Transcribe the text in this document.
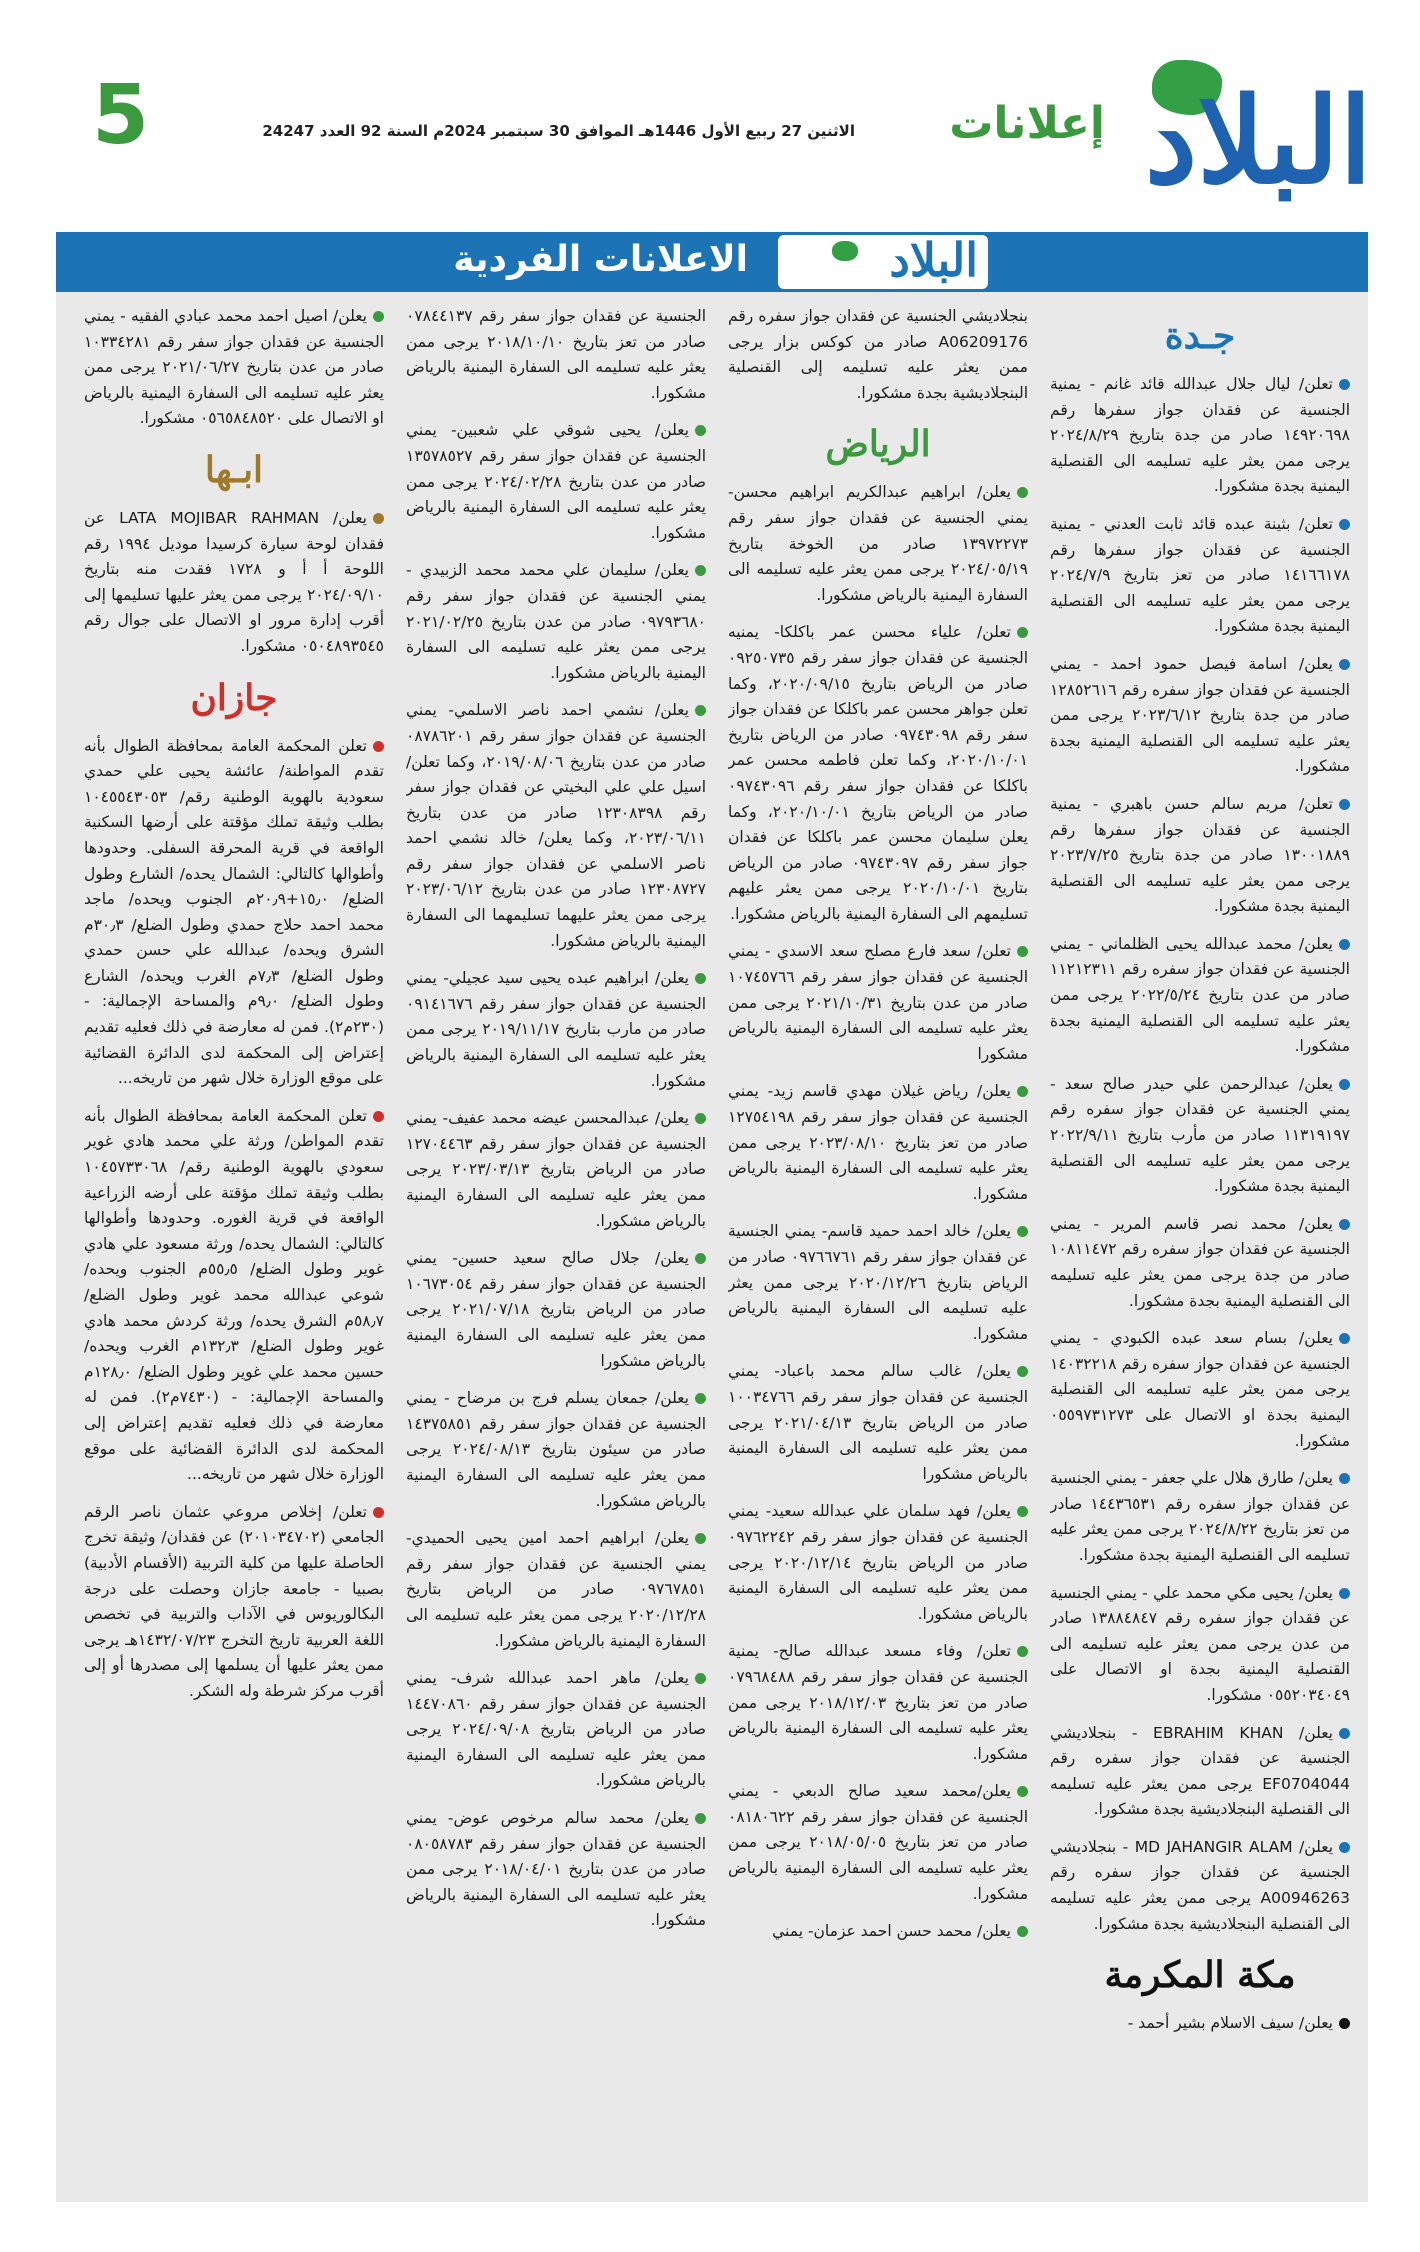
البلاد
إعلانات
الاثنين 27 ربيع الأول 1446هـ الموافق 30 سبتمبر 2024م السنة 92 العدد 24247
5
البلاد
الاعلانات الفردية
جـدة

تعلن/ ليال جلال عبدالله قائد غانم - يمنية الجنسية عن فقدان جواز سفرها رقم ١٤٩٢٠٦٩٨ صادر من جدة بتاريخ ٢٠٢٤/٨/٢٩ يرجى ممن يعثر عليه تسليمه الى القنصلية اليمنية بجدة مشكورا.

تعلن/ بثينة عبده قائد ثابت العدني - يمنية الجنسية عن فقدان جواز سفرها رقم ١٤١٦٦١٧٨ صادر من تعز بتاريخ ٢٠٢٤/٧/٩ يرجى ممن يعثر عليه تسليمه الى القنصلية اليمنية بجدة مشكورا.

يعلن/ اسامة فيصل حمود احمد - يمني الجنسية عن فقدان جواز سفره رقم ١٢٨٥٢٦١٦ صادر من جدة بتاريخ ٢٠٢٣/٦/١٢ يرجى ممن يعثر عليه تسليمه الى القنصلية اليمنية بجدة مشكورا.

تعلن/ مريم سالم حسن باهبري - يمنية الجنسية عن فقدان جواز سفرها رقم ١٣٠٠١٨٨٩ صادر من جدة بتاريخ ٢٠٢٣/٧/٢٥ يرجى ممن يعثر عليه تسليمه الى القنصلية اليمنية بجدة مشكورا.

يعلن/ محمد عبدالله يحيى الظلماني - يمني الجنسية عن فقدان جواز سفره رقم ١١٢١٢٣١١ صادر من عدن بتاريخ ٢٠٢٢/٥/٢٤ يرجى ممن يعثر عليه تسليمه الى القنصلية اليمنية بجدة مشكورا.

يعلن/ عبدالرحمن علي حيدر صالح سعد - يمني الجنسية عن فقدان جواز سفره رقم ١١٣١٩١٩٧ صادر من مأرب بتاريخ ٢٠٢٢/٩/١١ يرجى ممن يعثر عليه تسليمه الى القنصلية اليمنية بجدة مشكورا.

يعلن/ محمد نصر قاسم المرير - يمني الجنسية عن فقدان جواز سفره رقم ١٠٨١١٤٧٢ صادر من جدة يرجى ممن يعثر عليه تسليمه الى القنصلية اليمنية بجدة مشكورا.

يعلن/ بسام سعد عبده الكبودي - يمني الجنسية عن فقدان جواز سفره رقم ١٤٠٣٢٢١٨ يرجى ممن يعثر عليه تسليمه الى القنصلية اليمنية بجدة او الاتصال على ٠٥٥٩٧٣١٢٧٣ مشكورا.

يعلن/ طارق هلال علي جعفر - يمني الجنسية عن فقدان جواز سفره رقم ١٤٤٣٦٥٣١ صادر من تعز بتاريخ ٢٠٢٤/٨/٢٢ يرجى ممن يعثر عليه تسليمه الى القنصلية اليمنية بجدة مشكورا.

يعلن/ يحيى مكي محمد علي - يمني الجنسية عن فقدان جواز سفره رقم ١٣٨٨٤٨٤٧ صادر من عدن يرجى ممن يعثر عليه تسليمه الى القنصلية اليمنية بجدة او الاتصال على ٠٥٥٢٠٣٤٠٤٩ مشكورا.

يعلن/ EBRAHIM KHAN - بنجلاديشي الجنسية عن فقدان جواز سفره رقم EF0704044 يرجى ممن يعثر عليه تسليمه الى القنصلية البنجلاديشية بجدة مشكورا.

يعلن/ MD JAHANGIR ALAM - بنجلاديشي الجنسية عن فقدان جواز سفره رقم A00946263 يرجى ممن يعثر عليه تسليمه الى القنصلية البنجلاديشية بجدة مشكورا.

مكة المكرمة

يعلن/ سيف الاسلام بشير أحمد -

بنجلاديشي الجنسية عن فقدان جواز سفره رقم A06209176 صادر من كوكس بزار يرجى ممن يعثر عليه تسليمه إلى القنصلية البنجلاديشية بجدة مشكورا.

الرياض

يعلن/ ابراهيم عبدالكريم ابراهيم محسن- يمني الجنسية عن فقدان جواز سفر رقم ١٣٩٧٢٢٧٣ صادر من الخوخة بتاريخ ٢٠٢٤/٠٥/١٩ يرجى ممن يعثر عليه تسليمه الى السفارة اليمنية بالرياض مشكورا.

تعلن/ علياء محسن عمر باكلكا- يمنيه الجنسية عن فقدان جواز سفر رقم ٠٩٢٥٠٧٣٥ صادر من الرياض بتاريخ ٢٠٢٠/٠٩/١٥، وكما تعلن جواهر محسن عمر باكلكا عن فقدان جواز سفر رقم ٠٩٧٤٣٠٩٨ صادر من الرياض بتاريخ ٢٠٢٠/١٠/٠١، وكما تعلن فاطمه محسن عمر باكلكا عن فقدان جواز سفر رقم ٠٩٧٤٣٠٩٦ صادر من الرياض بتاريخ ٢٠٢٠/١٠/٠١، وكما يعلن سليمان محسن عمر باكلكا عن فقدان جواز سفر رقم ٠٩٧٤٣٠٩٧ صادر من الرياض بتاريخ ٢٠٢٠/١٠/٠١ يرجى ممن يعثر عليهم تسليمهم الى السفارة اليمنية بالرياض مشكورا.

تعلن/ سعد فارع مصلح سعد الاسدي - يمني الجنسية عن فقدان جواز سفر رقم ١٠٧٤٥٧٦٦ صادر من عدن بتاريخ ٢٠٢١/١٠/٣١ يرجى ممن يعثر عليه تسليمه الى السفارة اليمنية بالرياض مشكورا

يعلن/ رياض غيلان مهدي قاسم زيد- يمني الجنسية عن فقدان جواز سفر رقم ١٢٧٥٤١٩٨ صادر من تعز بتاريخ ٢٠٢٣/٠٨/١٠ يرجى ممن يعثر عليه تسليمه الى السفارة اليمنية بالرياض مشكورا.

يعلن/ خالد احمد حميد قاسم- يمني الجنسية عن فقدان جواز سفر رقم ٠٩٧٦٦٧٦١ صادر من الرياض بتاريخ ٢٠٢٠/١٢/٢٦ يرجى ممن يعثر عليه تسليمه الى السفارة اليمنية بالرياض مشكورا.

يعلن/ غالب سالم محمد باعباد- يمني الجنسية عن فقدان جواز سفر رقم ١٠٠٣٤٧٦٦ صادر من الرياض بتاريخ ٢٠٢١/٠٤/١٣ يرجى ممن يعثر عليه تسليمه الى السفارة اليمنية بالرياض مشكورا

يعلن/ فهد سلمان علي عبدالله سعيد- يمني الجنسية عن فقدان جواز سفر رقم ٠٩٧٦٢٢٤٢ صادر من الرياض بتاريخ ٢٠٢٠/١٢/١٤ يرجى ممن يعثر عليه تسليمه الى السفارة اليمنية بالرياض مشكورا.

تعلن/ وفاء مسعد عبدالله صالح- يمنية الجنسية عن فقدان جواز سفر رقم ٠٧٩٦٨٤٨٨ صادر من تعز بتاريخ ٢٠١٨/١٢/٠٣ يرجى ممن يعثر عليه تسليمه الى السفارة اليمنية بالرياض مشكورا.

يعلن/محمد سعيد صالح الدبعي - يمني الجنسية عن فقدان جواز سفر رقم ٠٨١٨٠٦٢٢ صادر من تعز بتاريخ ٢٠١٨/٠٥/٠٥ يرجى ممن يعثر عليه تسليمه الى السفارة اليمنية بالرياض مشكورا.

يعلن/ محمد حسن احمد عزمان- يمني

الجنسية عن فقدان جواز سفر رقم ٠٧٨٤٤١٣٧ صادر من تعز بتاريخ ٢٠١٨/١٠/١٠ يرجى ممن يعثر عليه تسليمه الى السفارة اليمنية بالرياض مشكورا.

يعلن/ يحيى شوقي علي شعبين- يمني الجنسية عن فقدان جواز سفر رقم ١٣٥٧٨٥٢٧ صادر من عدن بتاريخ ٢٠٢٤/٠٢/٢٨ يرجى ممن يعثر عليه تسليمه الى السفارة اليمنية بالرياض مشكورا.

يعلن/ سليمان علي محمد محمد الزبيدي - يمني الجنسية عن فقدان جواز سفر رقم ٠٩٧٩٣٦٨٠ صادر من عدن بتاريخ ٢٠٢١/٠٢/٢٥ يرجى ممن يعثر عليه تسليمه الى السفارة اليمنية بالرياض مشكورا.

يعلن/ نشمي احمد ناصر الاسلمي- يمني الجنسية عن فقدان جواز سفر رقم ٠٨٧٨٦٢٠١ صادر من عدن بتاريخ ٢٠١٩/٠٨/٠٦، وكما تعلن/ اسيل علي علي البخيتي عن فقدان جواز سفر رقم ١٢٣٠٨٣٩٨ صادر من عدن بتاريخ ٢٠٢٣/٠٦/١١، وكما يعلن/ خالد نشمي احمد ناصر الاسلمي عن فقدان جواز سفر رقم ١٢٣٠٨٧٢٧ صادر من عدن بتاريخ ٢٠٢٣/٠٦/١٢ يرجى ممن يعثر عليهما تسليمهما الى السفارة اليمنية بالرياض مشكورا.

يعلن/ ابراهيم عبده يحيى سيد عجيلي- يمني الجنسية عن فقدان جواز سفر رقم ٠٩١٤١٦٧٦ صادر من مارب بتاريخ ٢٠١٩/١١/١٧ يرجى ممن يعثر عليه تسليمه الى السفارة اليمنية بالرياض مشكورا.

يعلن/ عبدالمحسن عيضه محمد عفيف- يمني الجنسية عن فقدان جواز سفر رقم ١٢٧٠٤٤٦٣ صادر من الرياض بتاريخ ٢٠٢٣/٠٣/١٣ يرجى ممن يعثر عليه تسليمه الى السفارة اليمنية بالرياض مشكورا.

يعلن/ جلال صالح سعيد حسين- يمني الجنسية عن فقدان جواز سفر رقم ١٠٦٧٣٠٥٤ صادر من الرياض بتاريخ ٢٠٢١/٠٧/١٨ يرجى ممن يعثر عليه تسليمه الى السفارة اليمنية بالرياض مشكورا

يعلن/ جمعان يسلم فرج بن مرضاح - يمني الجنسية عن فقدان جواز سفر رقم ١٤٣٧٥٨٥١ صادر من سيئون بتاريخ ٢٠٢٤/٠٨/١٣ يرجى ممن يعثر عليه تسليمه الى السفارة اليمنية بالرياض مشكورا.

يعلن/ ابراهيم احمد امين يحيى الحميدي- يمني الجنسية عن فقدان جواز سفر رقم ٠٩٧٦٧٨٥١ صادر من الرياض بتاريخ ٢٠٢٠/١٢/٢٨ يرجى ممن يعثر عليه تسليمه الى السفارة اليمنية بالرياض مشكورا.

يعلن/ ماهر احمد عبدالله شرف- يمني الجنسية عن فقدان جواز سفر رقم ١٤٤٧٠٨٦٠ صادر من الرياض بتاريخ ٢٠٢٤/٠٩/٠٨ يرجى ممن يعثر عليه تسليمه الى السفارة اليمنية بالرياض مشكورا.

يعلن/ محمد سالم مرخوص عوض- يمني الجنسية عن فقدان جواز سفر رقم ٠٨٠٥٨٧٨٣ صادر من عدن بتاريخ ٢٠١٨/٠٤/٠١ يرجى ممن يعثر عليه تسليمه الى السفارة اليمنية بالرياض مشكورا.

يعلن/ اصيل احمد محمد عبادي الفقيه - يمني الجنسية عن فقدان جواز سفر رقم ١٠٣٣٤٢٨١ صادر من عدن بتاريخ ٢٠٢١/٠٦/٢٧ يرجى ممن يعثر عليه تسليمه الى السفارة اليمنية بالرياض او الاتصال على ٠٥٦٥٨٤٨٥٢٠ مشكورا.

ابـها

يعلن/ LATA MOJIBAR RAHMAN عن فقدان لوحة سيارة كرسيدا موديل ١٩٩٤ رقم اللوحة أ أ و ١٧٢٨ فقدت منه بتاريخ ٢٠٢٤/٠٩/١٠ يرجى ممن يعثر عليها تسليمها إلى أقرب إدارة مرور او الاتصال على جوال رقم ٠٥٠٤٨٩٣٥٤٥ مشكورا.

جازان

تعلن المحكمة العامة بمحافظة الطوال بأنه تقدم المواطنة/ عائشة يحيى علي حمدي سعودية بالهوية الوطنية رقم/ ١٠٤٥٥٤٣٠٥٣ بطلب وثيقة تملك مؤقتة على أرضها السكنية الواقعة في قرية المحرقة السفلى. وحدودها وأطوالها كالتالي: الشمال يحده/ الشارع وطول الضلع/ ١٥٫٠+٢٠٫٩م الجنوب ويحده/ ماجد محمد احمد حلاج حمدي وطول الضلع/ ٣٠٫٣م الشرق ويحده/ عبدالله علي حسن حمدي وطول الضلع/ ٧٫٣م الغرب ويحده/ الشارع وطول الضلع/ ٩٫٠م والمساحة الإجمالية: - (٢٣٠م٢). فمن له معارضة في ذلك فعليه تقديم إعتراض إلى المحكمة لدى الدائرة القضائية على موقع الوزارة خلال شهر من تاريخه...

تعلن المحكمة العامة بمحافظة الطوال بأنه تقدم المواطن/ ورثة علي محمد هادي غوير سعودي بالهوية الوطنية رقم/ ١٠٤٥٧٣٣٠٦٨ بطلب وثيقة تملك مؤقتة على أرضه الزراعية الواقعة في قرية الغوره. وحدودها وأطوالها كالتالي: الشمال يحده/ ورثة مسعود علي هادي غوير وطول الضلع/ ٥٥٫٥م الجنوب ويحده/ شوعي عبدالله محمد غوير وطول الضلع/ ٥٨٫٧م الشرق يحده/ ورثة كردش محمد هادي غوير وطول الضلع/ ١٣٢٫٣م الغرب ويحده/ حسين محمد علي غوير وطول الضلع/ ١٢٨٫٠م والمساحة الإجمالية: - (٧٤٣٠م٢). فمن له معارضة في ذلك فعليه تقديم إعتراض إلى المحكمة لدى الدائرة القضائية على موقع الوزارة خلال شهر من تاريخه...

تعلن/ إخلاص مروعي عثمان ناصر الرقم الجامعي (٢٠١٠٣٤٧٠٢) عن فقدان/ وثيقة تخرج الحاصلة عليها من كلية التربية (الأقسام الأدبية) بصبيا - جامعة جازان وحصلت على درجة البكالوريوس في الآداب والتربية في تخصص اللغة العربية تاريخ التخرج ١٤٣٢/٠٧/٢٣هـ يرجى ممن يعثر عليها أن يسلمها إلى مصدرها أو إلى أقرب مركز شرطة وله الشكر.
